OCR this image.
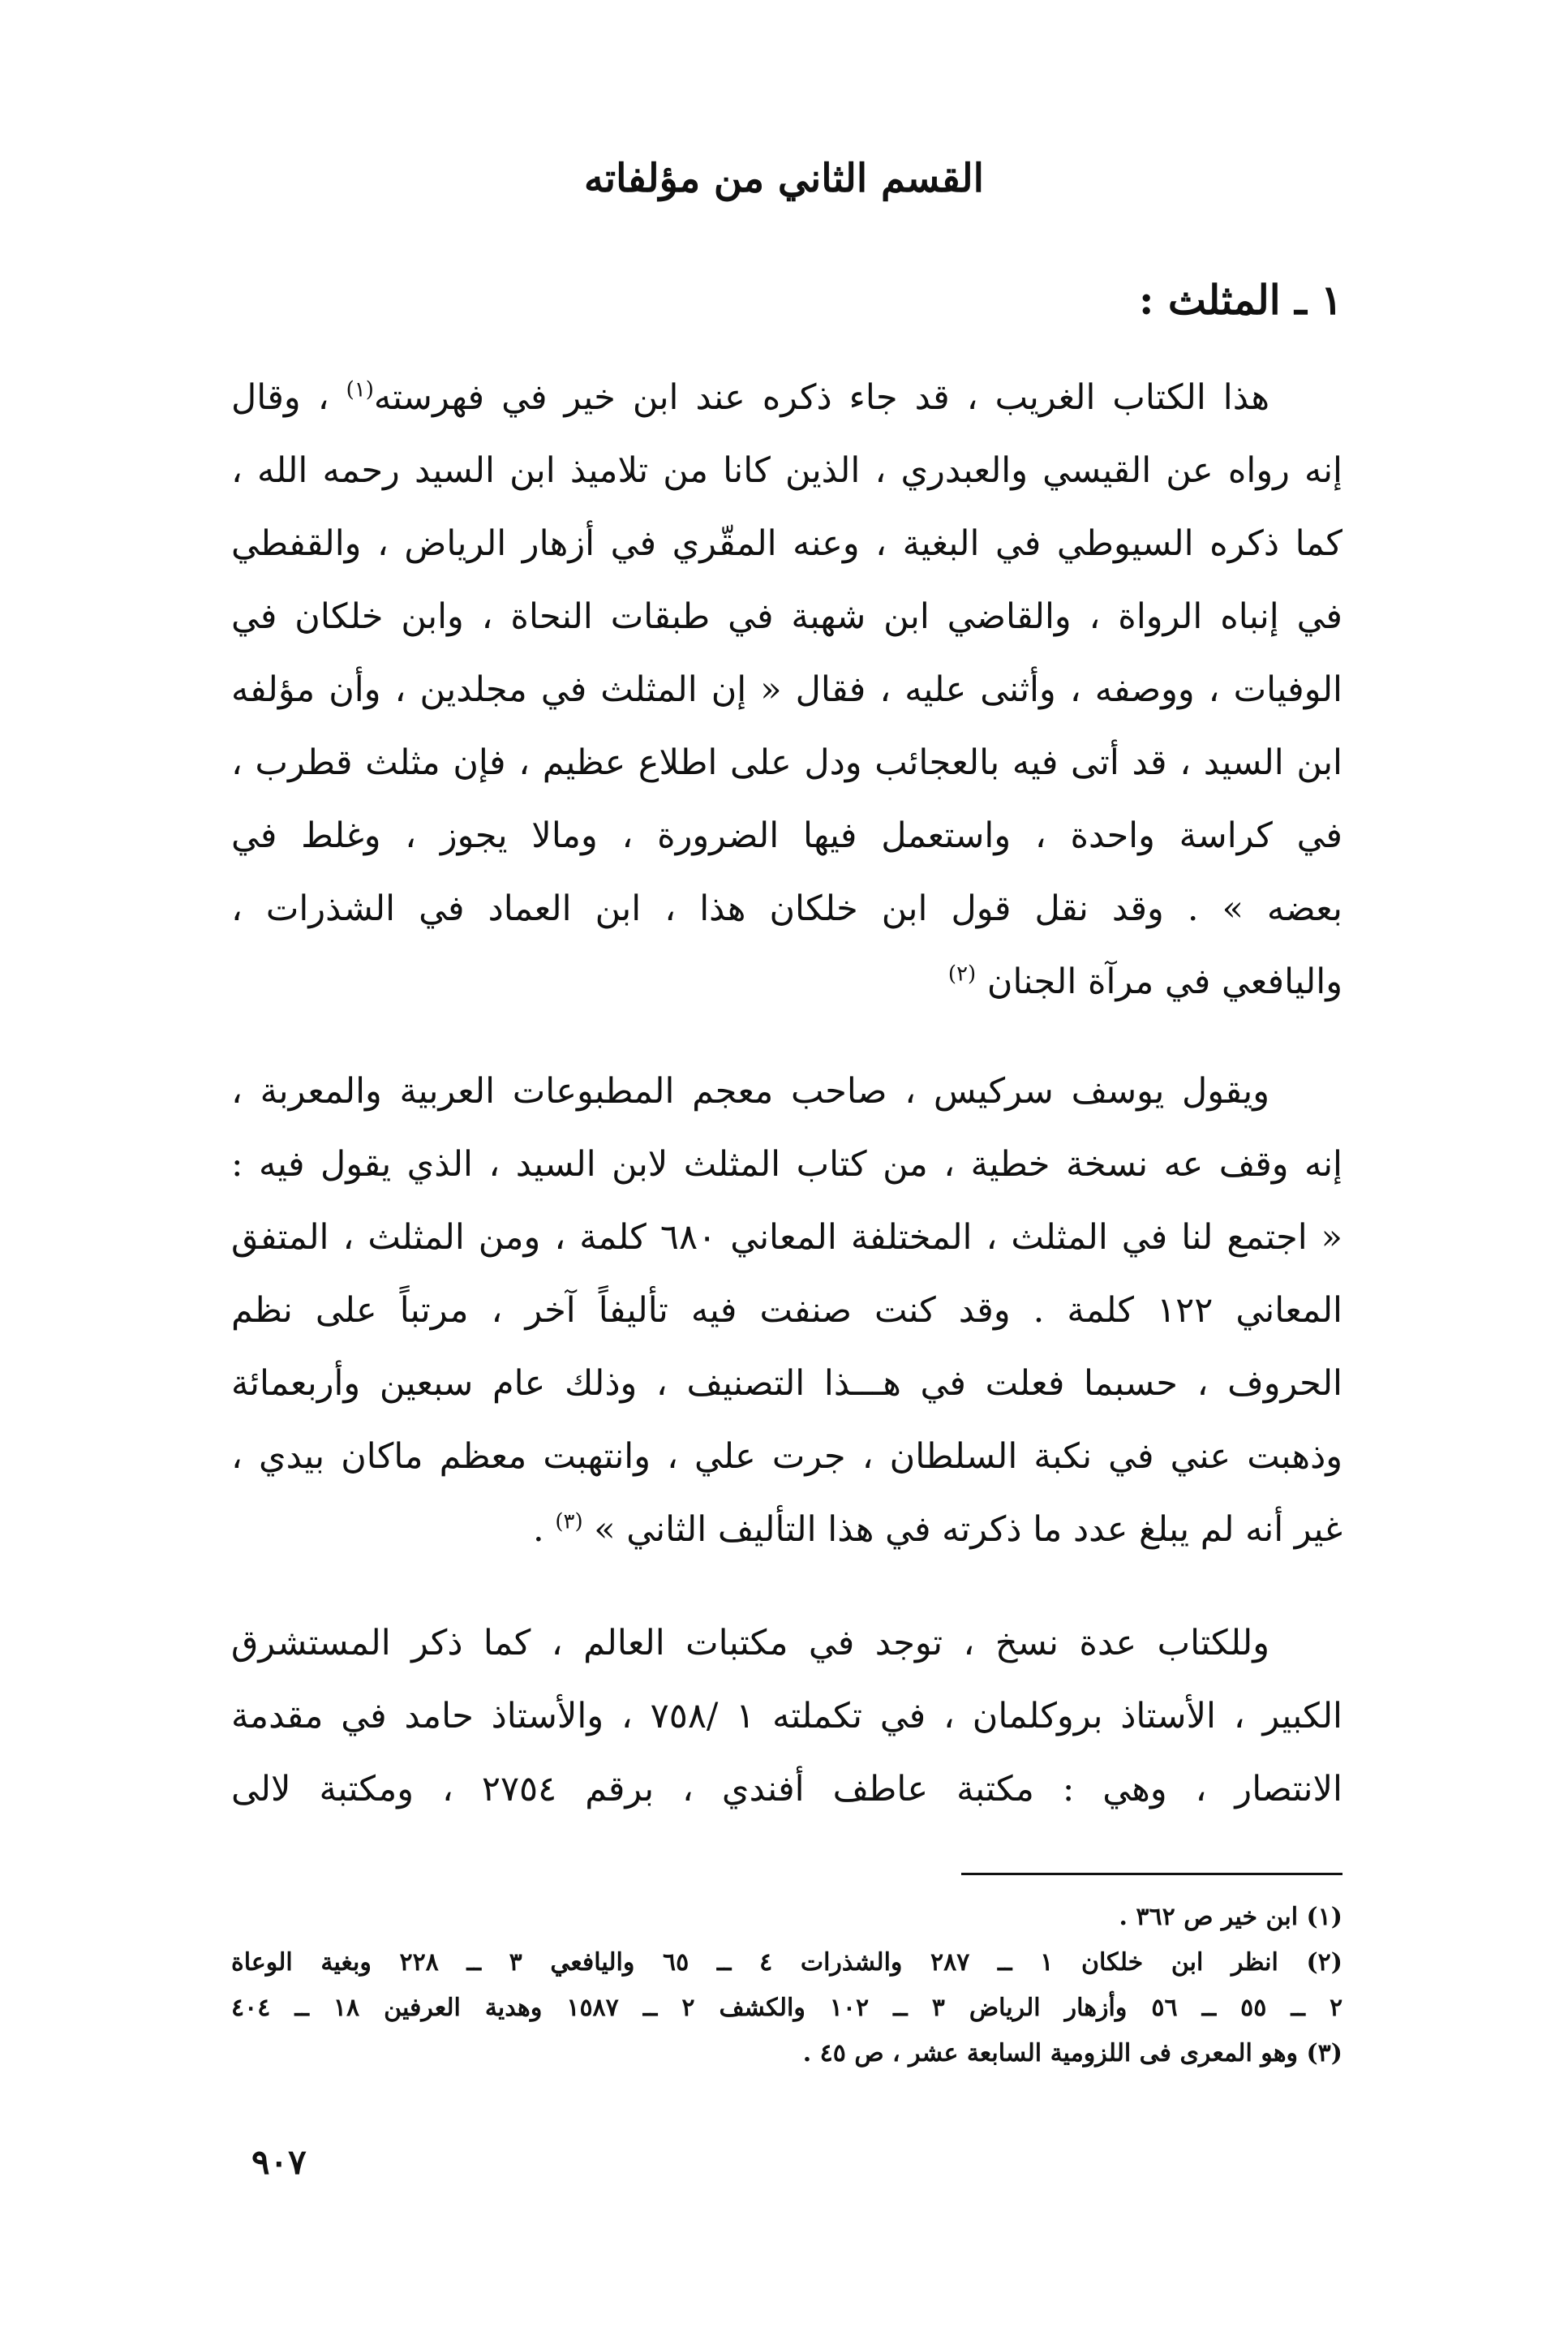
القسم الثاني من مؤلفاته
١ ـ المثلث :
هذا الكتاب الغريب ، قد جاء ذكره عند ابن خير في فهرسته$^{(١)}$ ، وقال
إنه رواه عن القيسي والعبدري ، الذين كانا من تلاميذ ابن السيد رحمه الله ،
كما ذكره السيوطي في البغية ، وعنه المقّري في أزهار الرياض ، والقفطي
في إنباه الرواة ، والقاضي ابن شهبة في طبقات النحاة ، وابن خلكان في
الوفيات ، ووصفه ، وأثنى عليه ، فقال « إن المثلث في مجلدين ، وأن مؤلفه
ابن السيد ، قد أتى فيه بالعجائب ودل على اطلاع عظيم ، فإن مثلث قطرب ،
في كراسة واحدة ، واستعمل فيها الضرورة ، ومالا يجوز ، وغلط في
بعضه » . وقد نقل قول ابن خلكان هذا ، ابن العماد في الشذرات ،
واليافعي في مرآة الجنان $^{(٢)}$
ويقول يوسف سركيس ، صاحب معجم المطبوعات العربية والمعربة ،
إنه وقف عه نسخة خطية ، من كتاب المثلث لابن السيد ، الذي يقول فيه :
« اجتمع لنا في المثلث ، المختلفة المعاني ٦٨٠ كلمة ، ومن المثلث ، المتفق
المعاني ١٢٢ كلمة . وقد كنت صنفت فيه تأليفاً آخر ، مرتباً على نظم
الحروف ، حسبما فعلت في هـــذا التصنيف ، وذلك عام سبعين وأربعمائة
وذهبت عني في نكبة السلطان ، جرت علي ، وانتهبت معظم ماكان بيدي ،
غير أنه لم يبلغ عدد ما ذكرته في هذا التأليف الثاني » $^{(٣)}$ .
وللكتاب عدة نسخ ، توجد في مكتبات العالم ، كما ذكر المستشرق
الكبير ، الأستاذ بروكلمان ، في تكملته ١ /٧٥٨ ، والأستاذ حامد في مقدمة
الانتصار ، وهي : مكتبة عاطف أفندي ، برقم ٢٧٥٤ ، ومكتبة لالى
(١) ابن خير ص ٣٦٢ .
(٢) انظر ابن خلكان ١ ــ ٢٨٧ والشذرات ٤ ــ ٦٥ واليافعي ٣ ــ ٢٢٨ وبغية الوعاة
٢ ــ ٥٥ ــ ٥٦ وأزهار الرياض ٣ ــ ١٠٢ والكشف ٢ ــ ١٥٨٧ وهدية العرفين ١٨ ــ ٤٠٤
(٣) وهو المعرى فى اللزومية السابعة عشر ، ص ٤٥ .
٩٠٧
